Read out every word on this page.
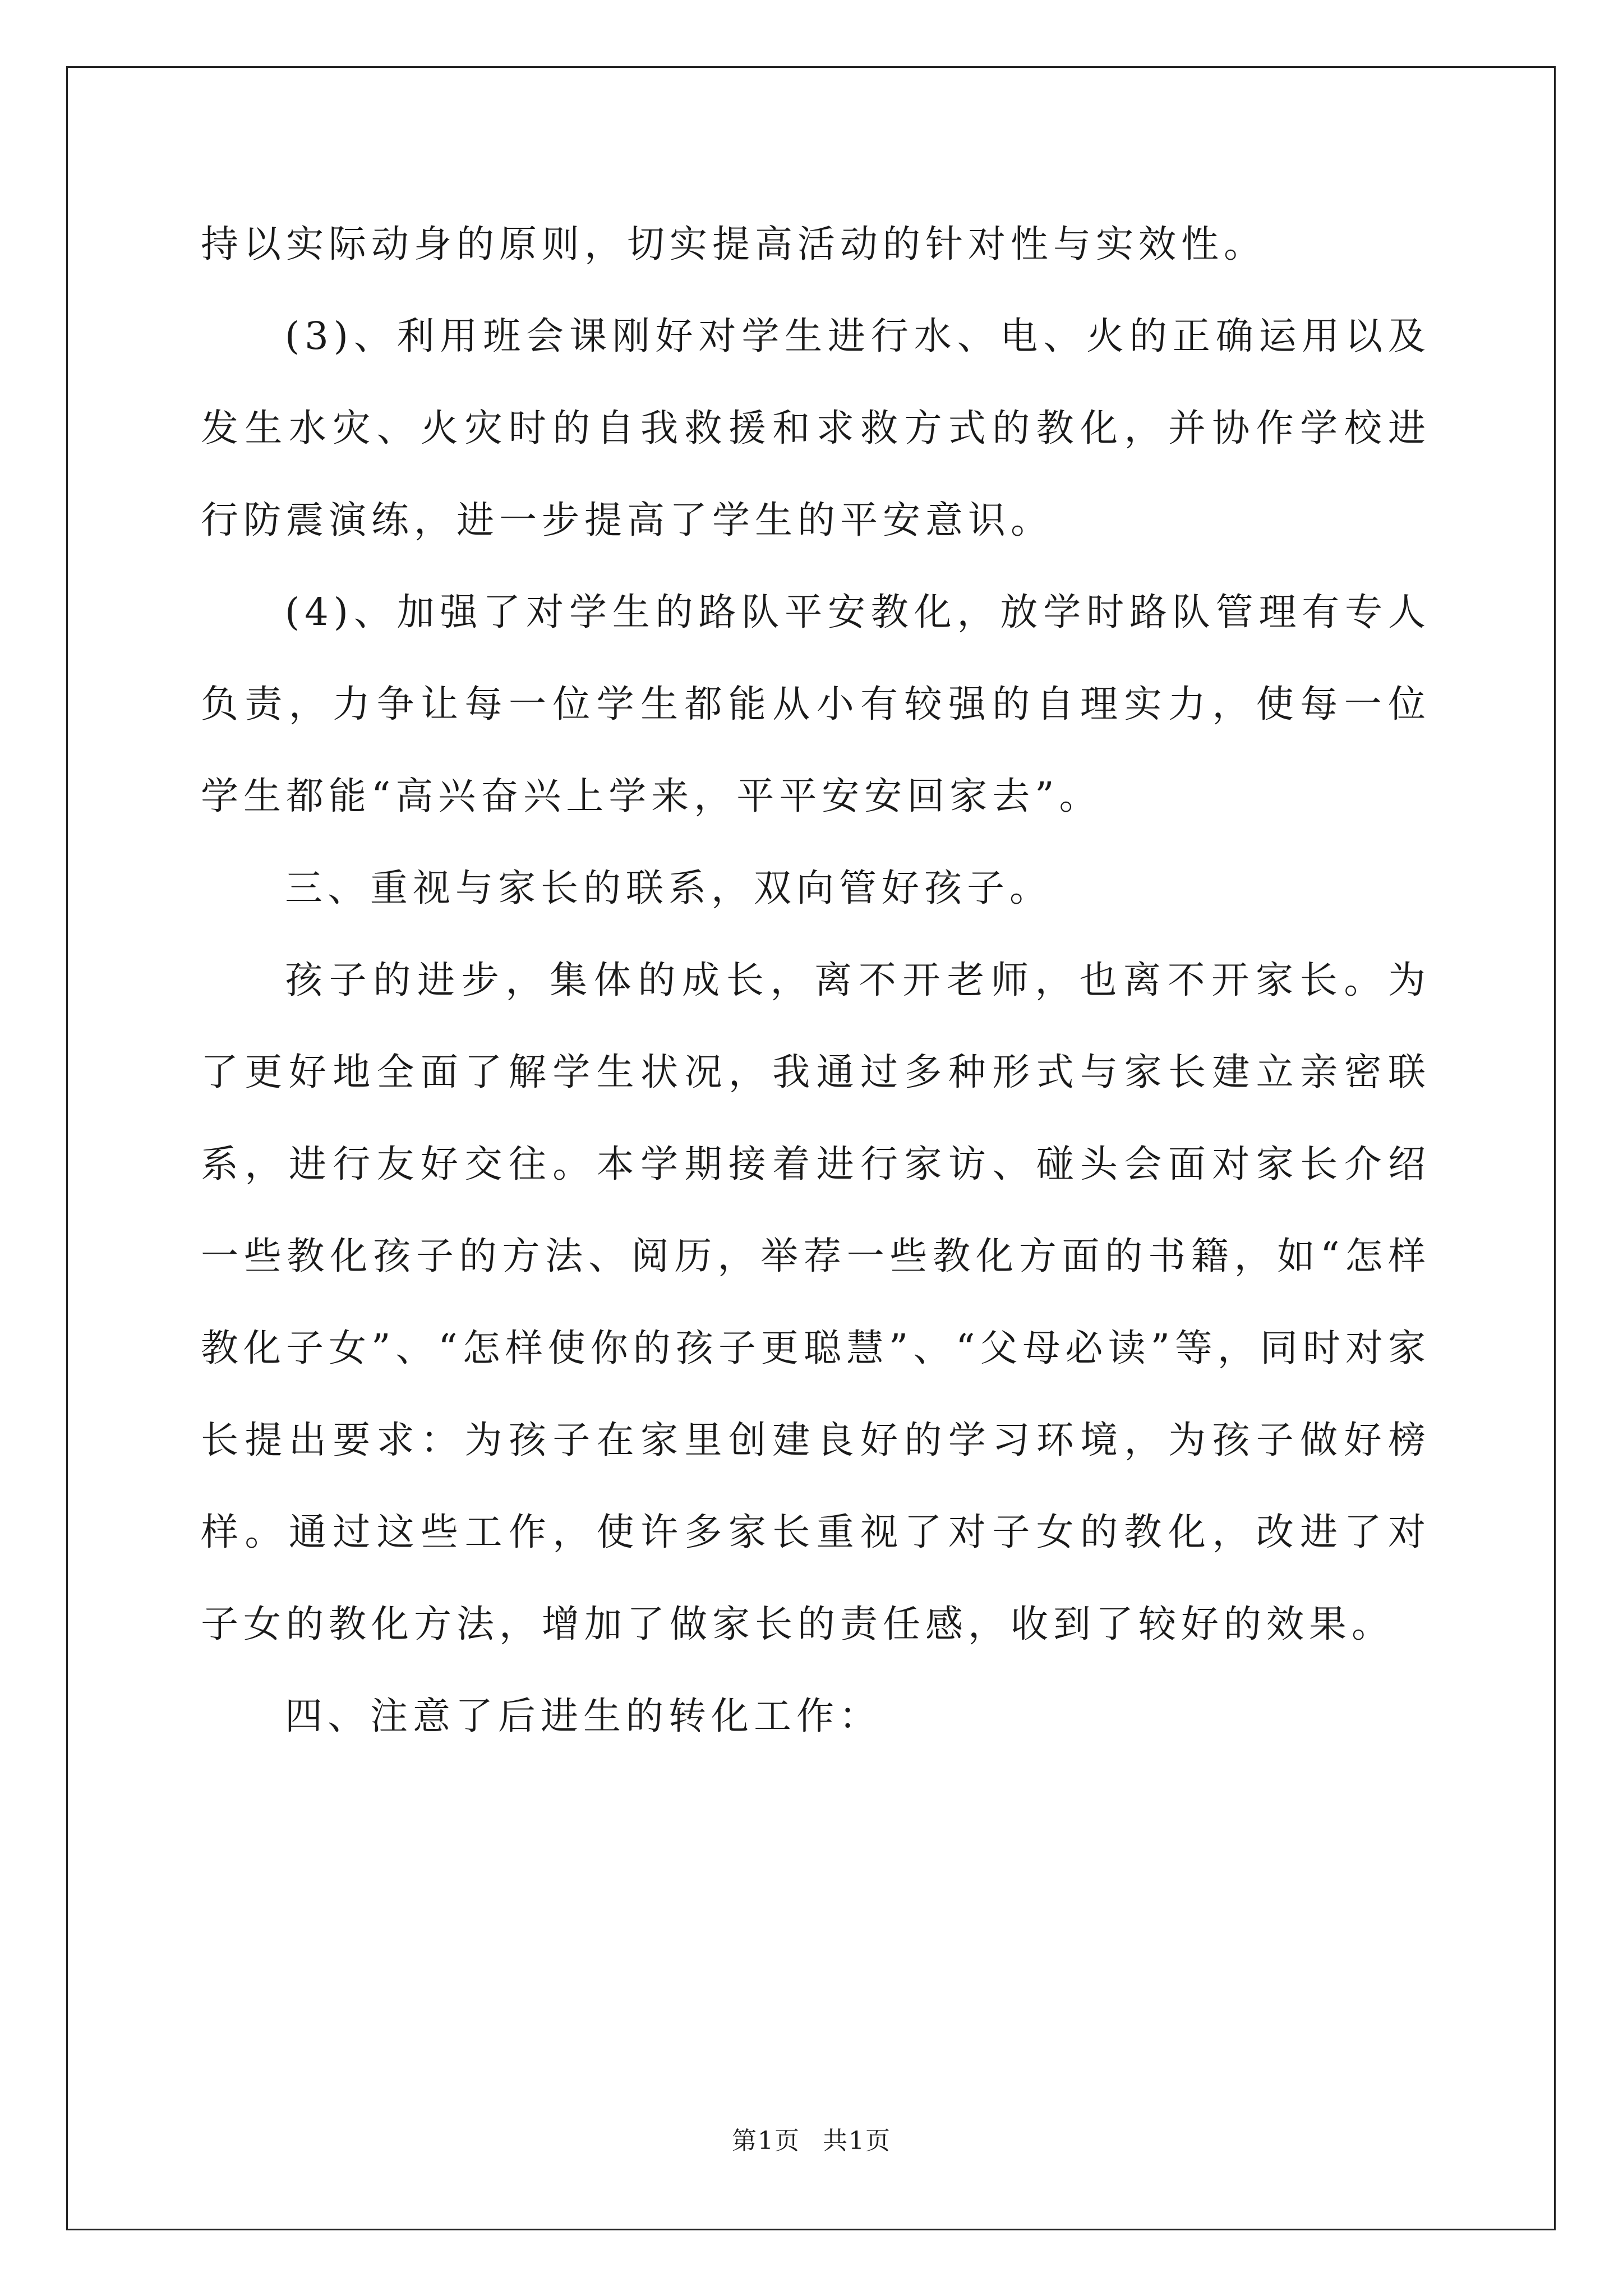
持以实际动身的原则，切实提高活动的针对性与实效性。

(3)、利用班会课刚好对学生进行水、电、火的正确运用以及发生水灾、火灾时的自我救援和求救方式的教化，并协作学校进行防震演练，进一步提高了学生的平安意识。

(4)、加强了对学生的路队平安教化，放学时路队管理有专人负责，力争让每一位学生都能从小有较强的自理实力，使每一位学生都能“高兴奋兴上学来，平平安安回家去”。

三、重视与家长的联系，双向管好孩子。

孩子的进步，集体的成长，离不开老师，也离不开家长。为了更好地全面了解学生状况，我通过多种形式与家长建立亲密联系，进行友好交往。本学期接着进行家访、碰头会面对家长介绍一些教化孩子的方法、阅历，举荐一些教化方面的书籍，如“怎样教化子女”、“怎样使你的孩子更聪慧”、“父母必读”等，同时对家长提出要求：为孩子在家里创建良好的学习环境，为孩子做好榜样。通过这些工作，使许多家长重视了对子女的教化，改进了对子女的教化方法，增加了做家长的责任感，收到了较好的效果。

四、注意了后进生的转化工作：

第1页 共1页
